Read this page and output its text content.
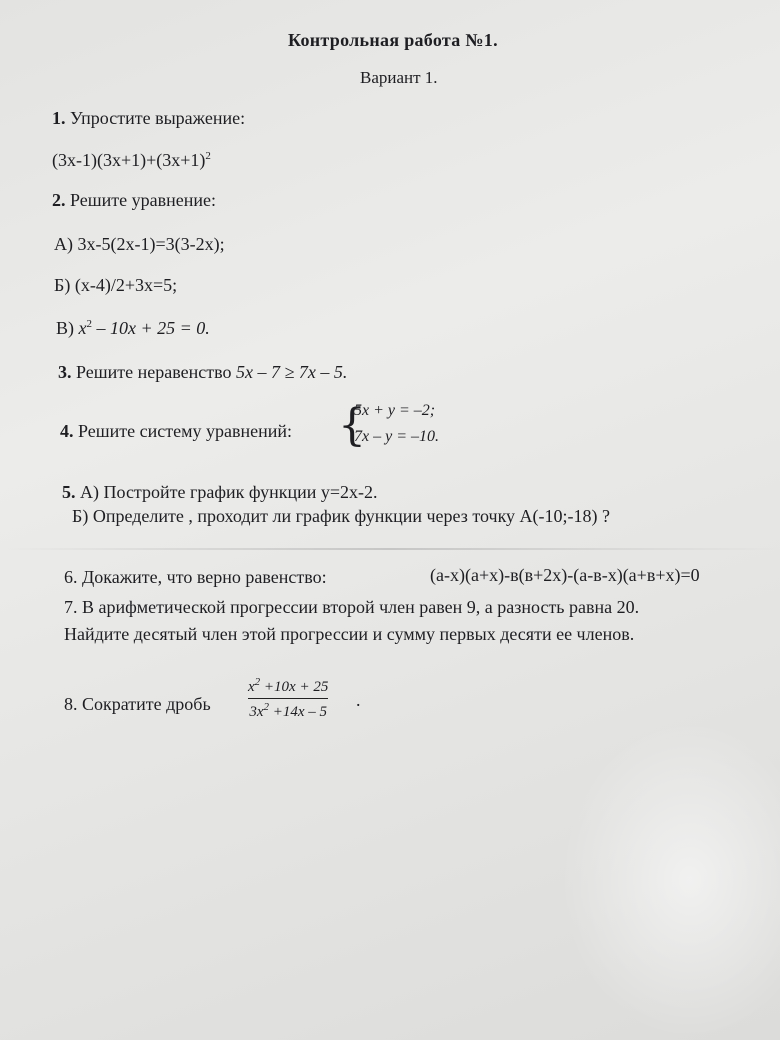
Контрольная работа №1.
Вариант 1.
1. Упростите выражение:
$(3x-1)(3x+1)+(3x+1)^2$
2. Решите уравнение:
А) 3x-5(2x-1)=3(3-2x);
Б) (x-4)/2+3x=5;
В) $x^2 - 10x + 25 = 0$.
3. Решите неравенство 5x – 7 ≥ 7x – 5.
4. Решите систему уравнений: {
5x + y = –2;
7x – y = –10.
5. А) Постройте график функции y=2x-2.
Б) Определите , проходит ли график функции через точку А(-10;-18) ?
6. Докажите, что верно равенство:	(а-х)(а+х)-в(в+2х)-(а-в-х)(а+в+х)=0
7. В арифметической прогрессии второй член равен 9, а разность равна 20.
Найдите десятый член этой прогрессии и сумму первых десяти ее членов.
8. Сократите дробь
$x^2 +10x + 25$
$3x^2 +14x - 5$
.
